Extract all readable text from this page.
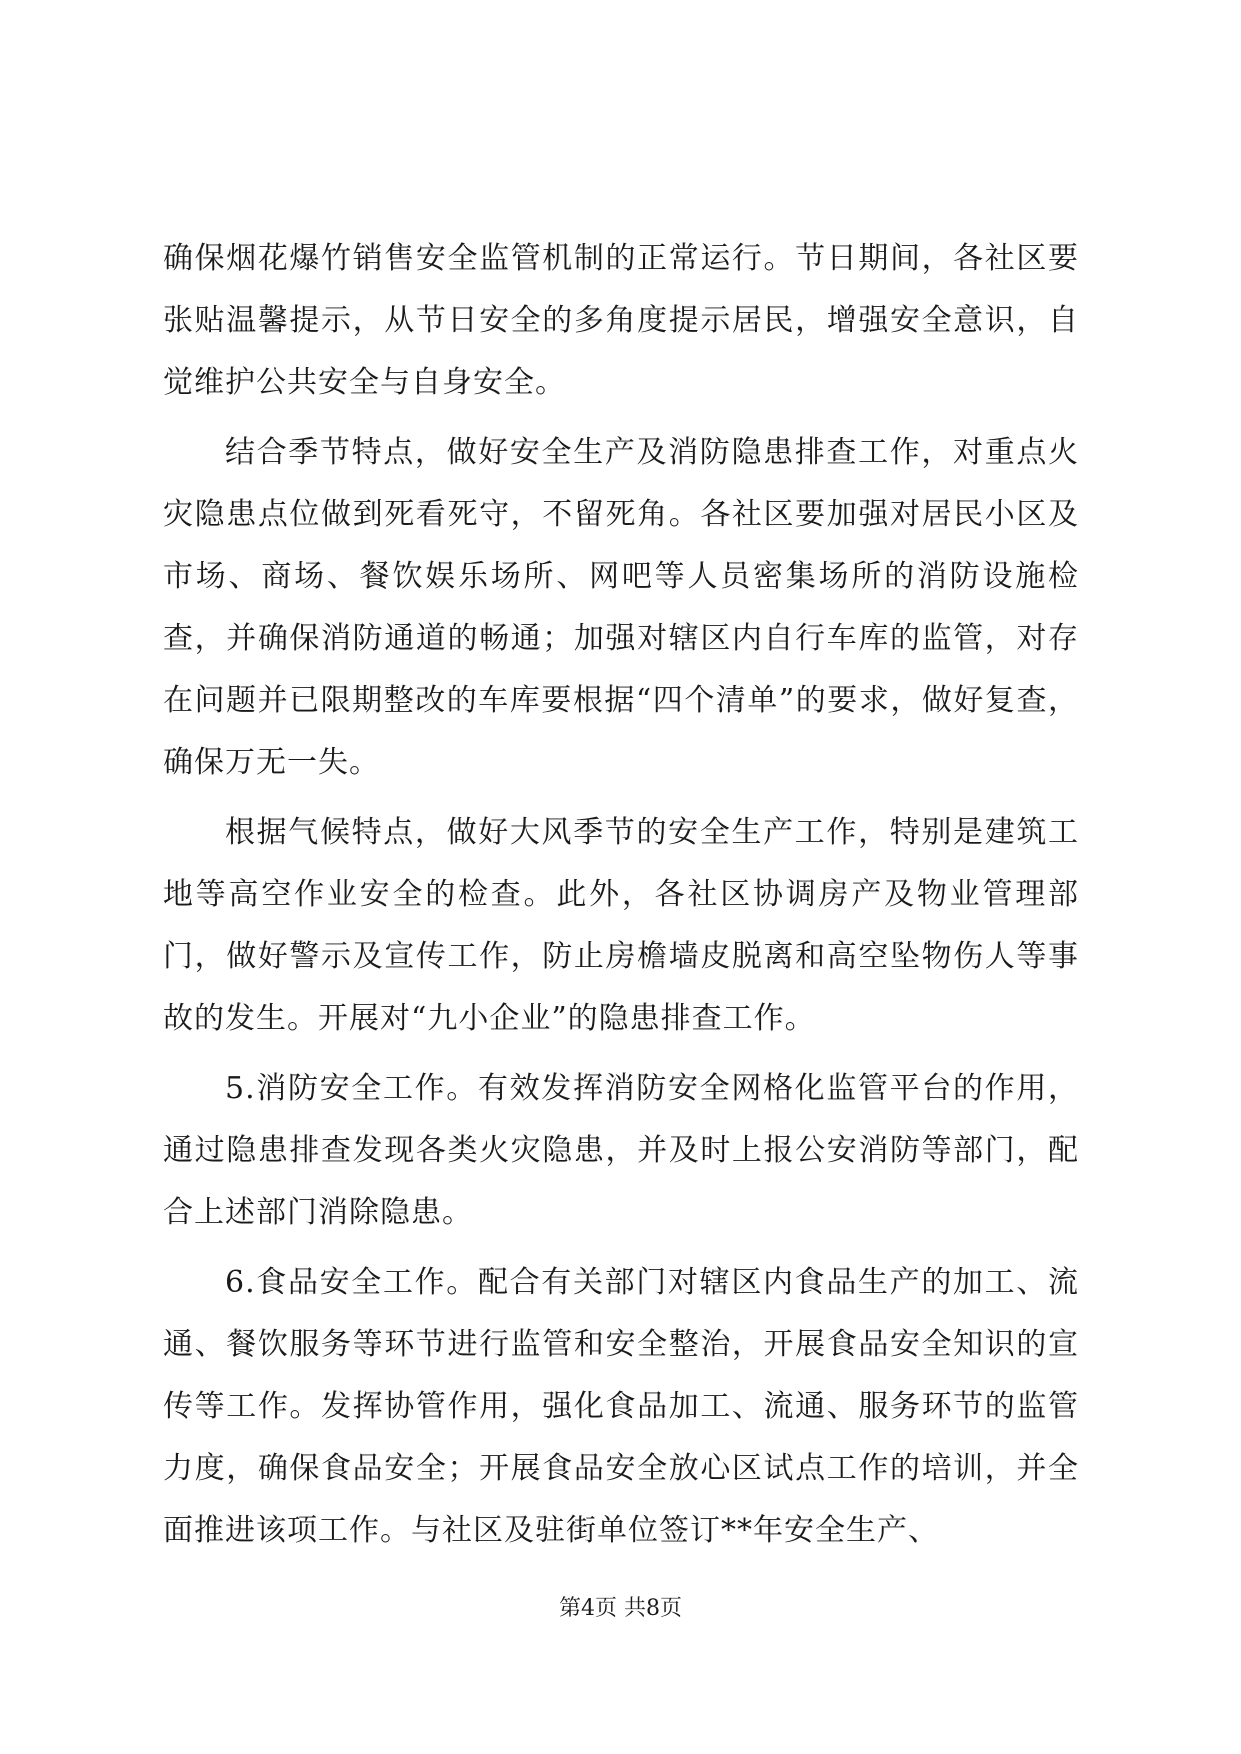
确保烟花爆竹销售安全监管机制的正常运行。节日期间，各社区要张贴温馨提示，从节日安全的多角度提示居民，增强安全意识，自觉维护公共安全与自身安全。

结合季节特点，做好安全生产及消防隐患排查工作，对重点火灾隐患点位做到死看死守，不留死角。各社区要加强对居民小区及市场、商场、餐饮娱乐场所、网吧等人员密集场所的消防设施检查，并确保消防通道的畅通；加强对辖区内自行车库的监管，对存在问题并已限期整改的车库要根据“四个清单”的要求，做好复查，确保万无一失。

根据气候特点，做好大风季节的安全生产工作，特别是建筑工地等高空作业安全的检查。此外，各社区协调房产及物业管理部门，做好警示及宣传工作，防止房檐墙皮脱离和高空坠物伤人等事故的发生。开展对“九小企业”的隐患排查工作。

5.消防安全工作。有效发挥消防安全网格化监管平台的作用，通过隐患排查发现各类火灾隐患，并及时上报公安消防等部门，配合上述部门消除隐患。

6.食品安全工作。配合有关部门对辖区内食品生产的加工、流通、餐饮服务等环节进行监管和安全整治，开展食品安全知识的宣传等工作。发挥协管作用，强化食品加工、流通、服务环节的监管力度，确保食品安全；开展食品安全放心区试点工作的培训，并全面推进该项工作。与社区及驻街单位签订**年安全生产、

第4页 共8页
